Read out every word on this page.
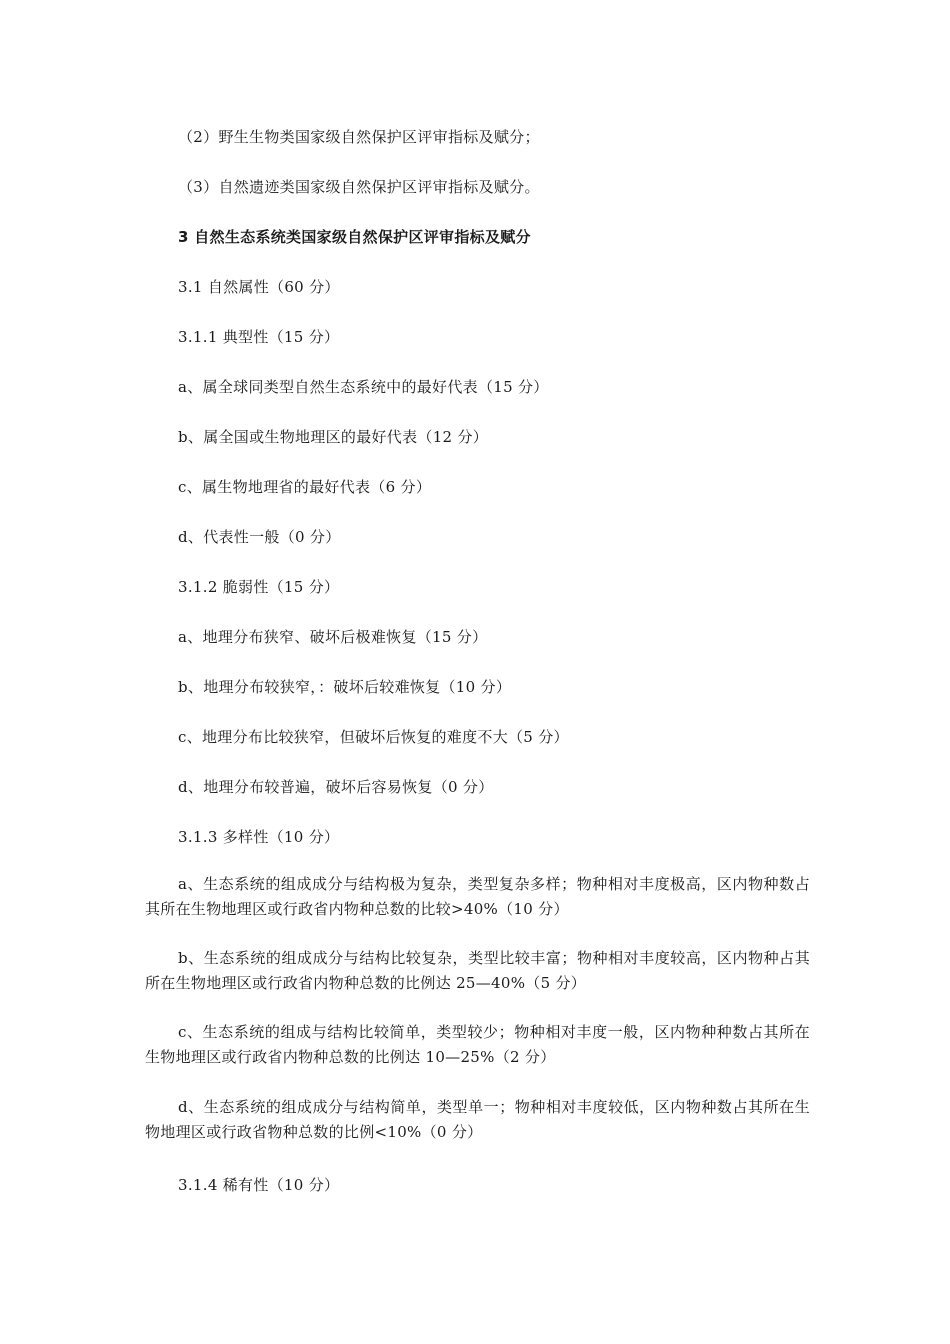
（2）野生生物类国家级自然保护区评审指标及赋分；
（3）自然遗迹类国家级自然保护区评审指标及赋分。
3 自然生态系统类国家级自然保护区评审指标及赋分
3.1 自然属性（60 分）
3.1.1 典型性（15 分）
a、属全球同类型自然生态系统中的最好代表（15 分）
b、属全国或生物地理区的最好代表（12 分）
c、属生物地理省的最好代表（6 分）
d、代表性一般（0 分）
3.1.2 脆弱性（15 分）
a、地理分布狭窄、破坏后极难恢复（15 分）
b、地理分布较狭窄，：破坏后较难恢复（10 分）
c、地理分布比较狭窄，但破坏后恢复的难度不大（5 分）
d、地理分布较普遍，破坏后容易恢复（0 分）
3.1.3 多样性（10 分）
a、生态系统的组成成分与结构极为复杂，类型复杂多样；物种相对丰度极高，区内物种数占其所在生物地理区或行政省内物种总数的比较>40%（10 分）
b、生态系统的组成成分与结构比较复杂，类型比较丰富；物种相对丰度较高，区内物种占其所在生物地理区或行政省内物种总数的比例达 25—40%（5 分）
c、生态系统的组成与结构比较简单，类型较少；物种相对丰度一般，区内物种种数占其所在生物地理区或行政省内物种总数的比例达 10—25%（2 分）
d、生态系统的组成成分与结构简单，类型单一；物种相对丰度较低，区内物种数占其所在生物地理区或行政省物种总数的比例<10%（0 分）
3.1.4 稀有性（10 分）
